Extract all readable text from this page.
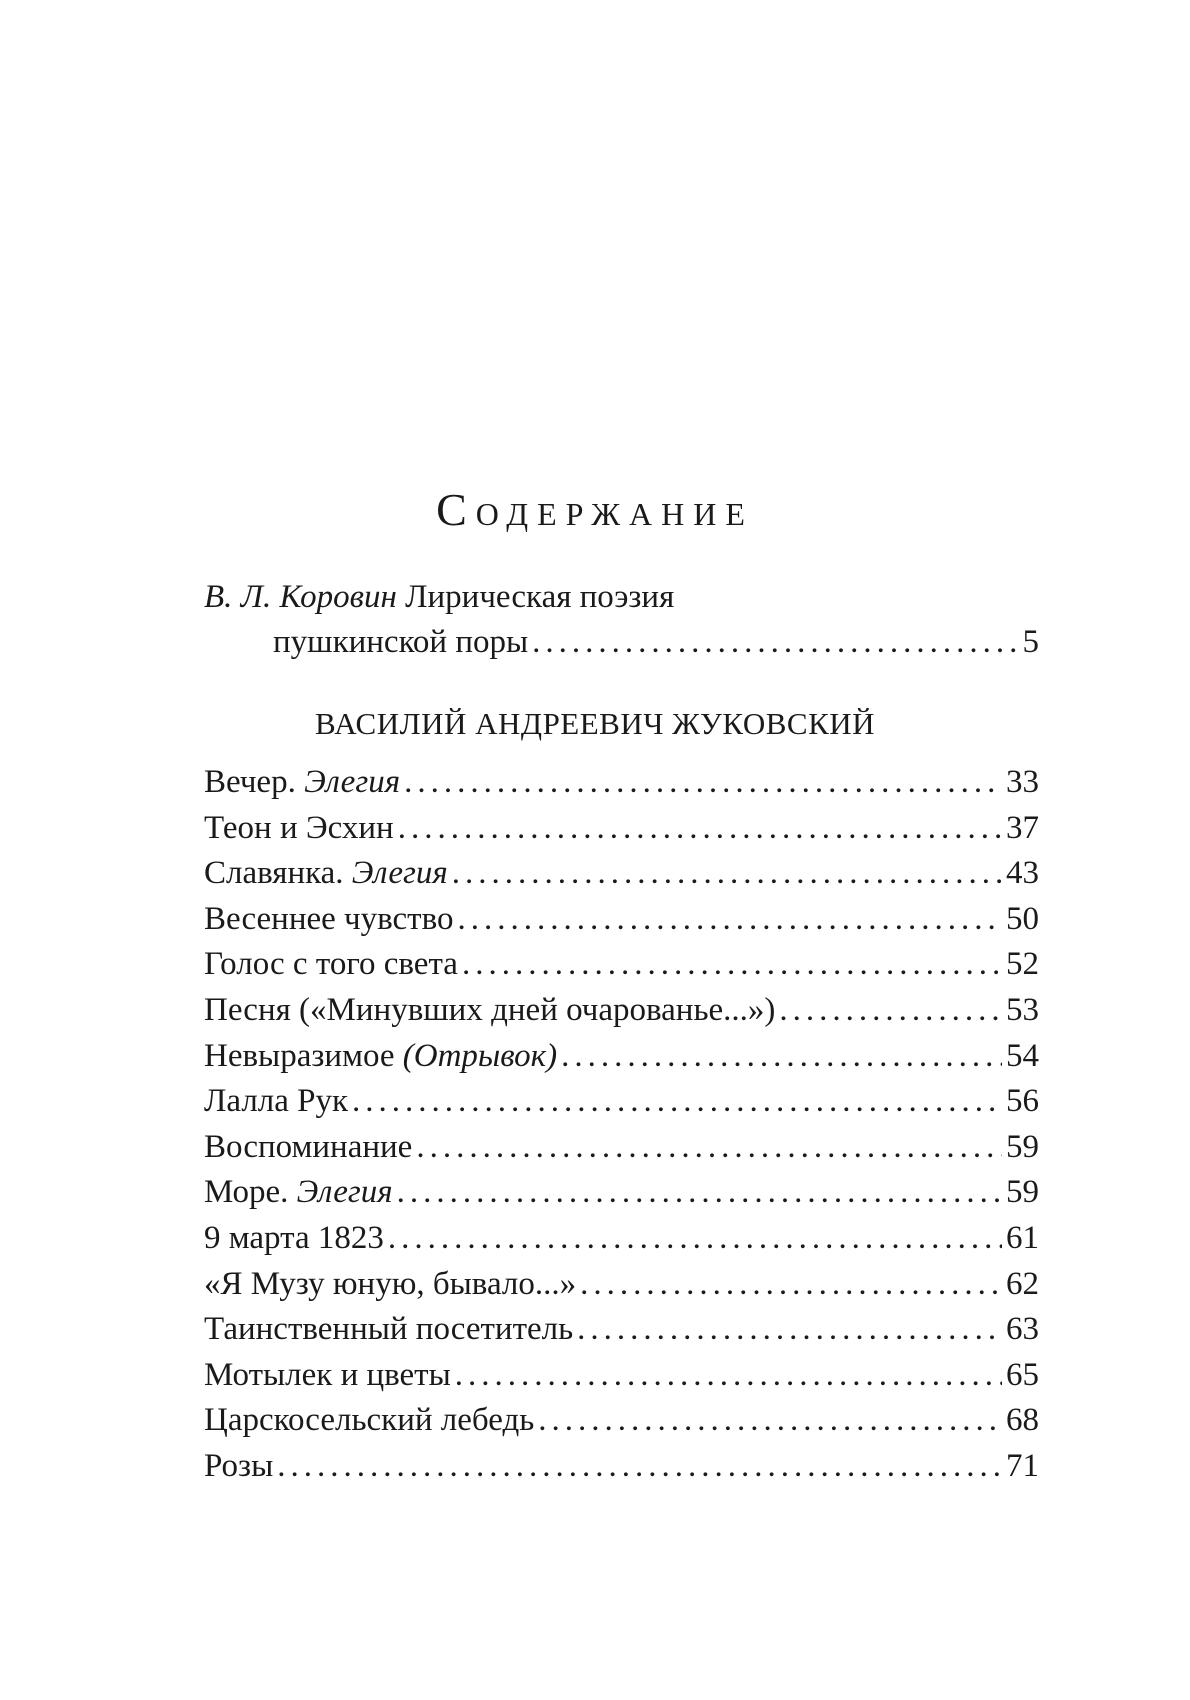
Содержание
В. Л. Коровин Лирическая поэзия
пушкинской поры .....	5
ВАСИЛИЙ АНДРЕЕВИЧ ЖУКОВСКИЙ
Вечер. Элегия .....	33
Теон и Эсхин .....	37
Славянка. Элегия .....	43
Весеннее чувство .....	50
Голос с того света .....	52
Песня («Минувших дней очарованье...») .....	53
Невыразимое (Отрывок) .....	54
Лалла Рук .....	56
Воспоминание .....	59
Море. Элегия .....	59
9 марта 1823 .....	61
«Я Музу юную, бывало...» .....	62
Таинственный посетитель .....	63
Мотылек и цветы .....	65
Царскосельский лебедь .....	68
Розы .....	71
